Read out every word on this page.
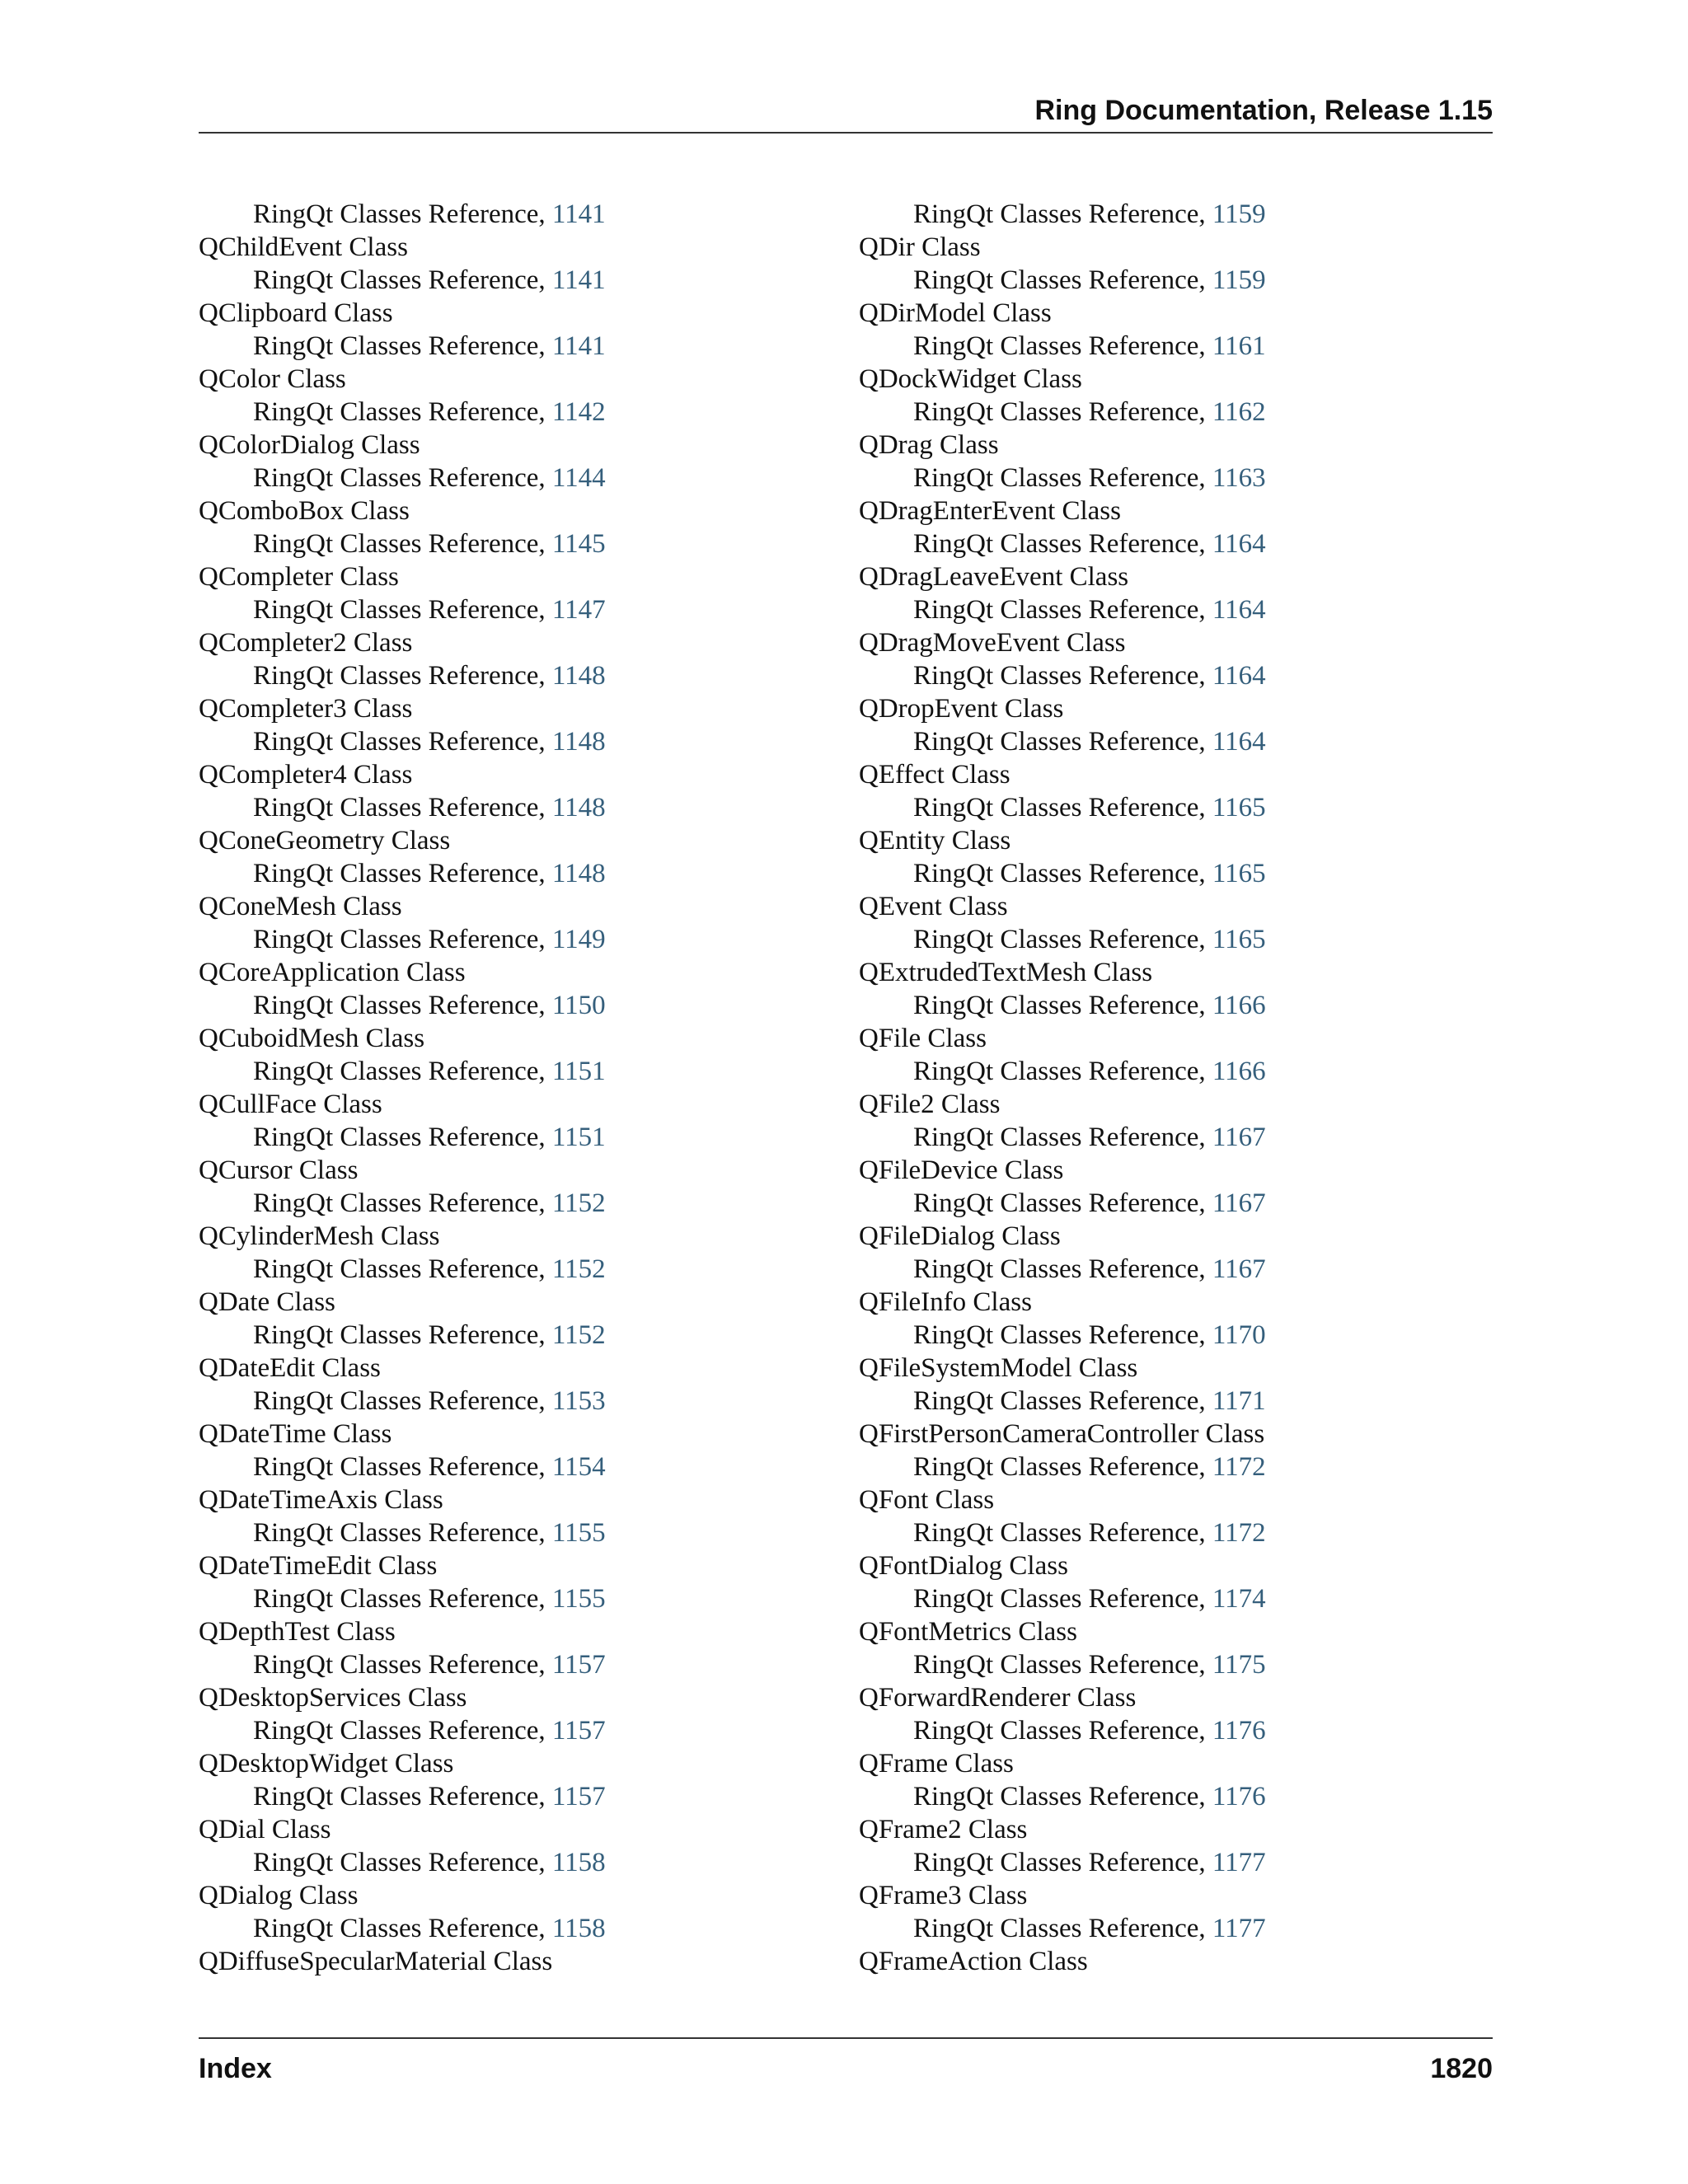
Ring Documentation, Release 1.15
RingQt Classes Reference, 1141
QChildEvent Class
RingQt Classes Reference, 1141
QClipboard Class
RingQt Classes Reference, 1141
QColor Class
RingQt Classes Reference, 1142
QColorDialog Class
RingQt Classes Reference, 1144
QComboBox Class
RingQt Classes Reference, 1145
QCompleter Class
RingQt Classes Reference, 1147
QCompleter2 Class
RingQt Classes Reference, 1148
QCompleter3 Class
RingQt Classes Reference, 1148
QCompleter4 Class
RingQt Classes Reference, 1148
QConeGeometry Class
RingQt Classes Reference, 1148
QConeMesh Class
RingQt Classes Reference, 1149
QCoreApplication Class
RingQt Classes Reference, 1150
QCuboidMesh Class
RingQt Classes Reference, 1151
QCullFace Class
RingQt Classes Reference, 1151
QCursor Class
RingQt Classes Reference, 1152
QCylinderMesh Class
RingQt Classes Reference, 1152
QDate Class
RingQt Classes Reference, 1152
QDateEdit Class
RingQt Classes Reference, 1153
QDateTime Class
RingQt Classes Reference, 1154
QDateTimeAxis Class
RingQt Classes Reference, 1155
QDateTimeEdit Class
RingQt Classes Reference, 1155
QDepthTest Class
RingQt Classes Reference, 1157
QDesktopServices Class
RingQt Classes Reference, 1157
QDesktopWidget Class
RingQt Classes Reference, 1157
QDial Class
RingQt Classes Reference, 1158
QDialog Class
RingQt Classes Reference, 1158
QDiffuseSpecularMaterial Class
RingQt Classes Reference, 1159
QDir Class
RingQt Classes Reference, 1159
QDirModel Class
RingQt Classes Reference, 1161
QDockWidget Class
RingQt Classes Reference, 1162
QDrag Class
RingQt Classes Reference, 1163
QDragEnterEvent Class
RingQt Classes Reference, 1164
QDragLeaveEvent Class
RingQt Classes Reference, 1164
QDragMoveEvent Class
RingQt Classes Reference, 1164
QDropEvent Class
RingQt Classes Reference, 1164
QEffect Class
RingQt Classes Reference, 1165
QEntity Class
RingQt Classes Reference, 1165
QEvent Class
RingQt Classes Reference, 1165
QExtrudedTextMesh Class
RingQt Classes Reference, 1166
QFile Class
RingQt Classes Reference, 1166
QFile2 Class
RingQt Classes Reference, 1167
QFileDevice Class
RingQt Classes Reference, 1167
QFileDialog Class
RingQt Classes Reference, 1167
QFileInfo Class
RingQt Classes Reference, 1170
QFileSystemModel Class
RingQt Classes Reference, 1171
QFirstPersonCameraController Class
RingQt Classes Reference, 1172
QFont Class
RingQt Classes Reference, 1172
QFontDialog Class
RingQt Classes Reference, 1174
QFontMetrics Class
RingQt Classes Reference, 1175
QForwardRenderer Class
RingQt Classes Reference, 1176
QFrame Class
RingQt Classes Reference, 1176
QFrame2 Class
RingQt Classes Reference, 1177
QFrame3 Class
RingQt Classes Reference, 1177
QFrameAction Class
Index	1820
